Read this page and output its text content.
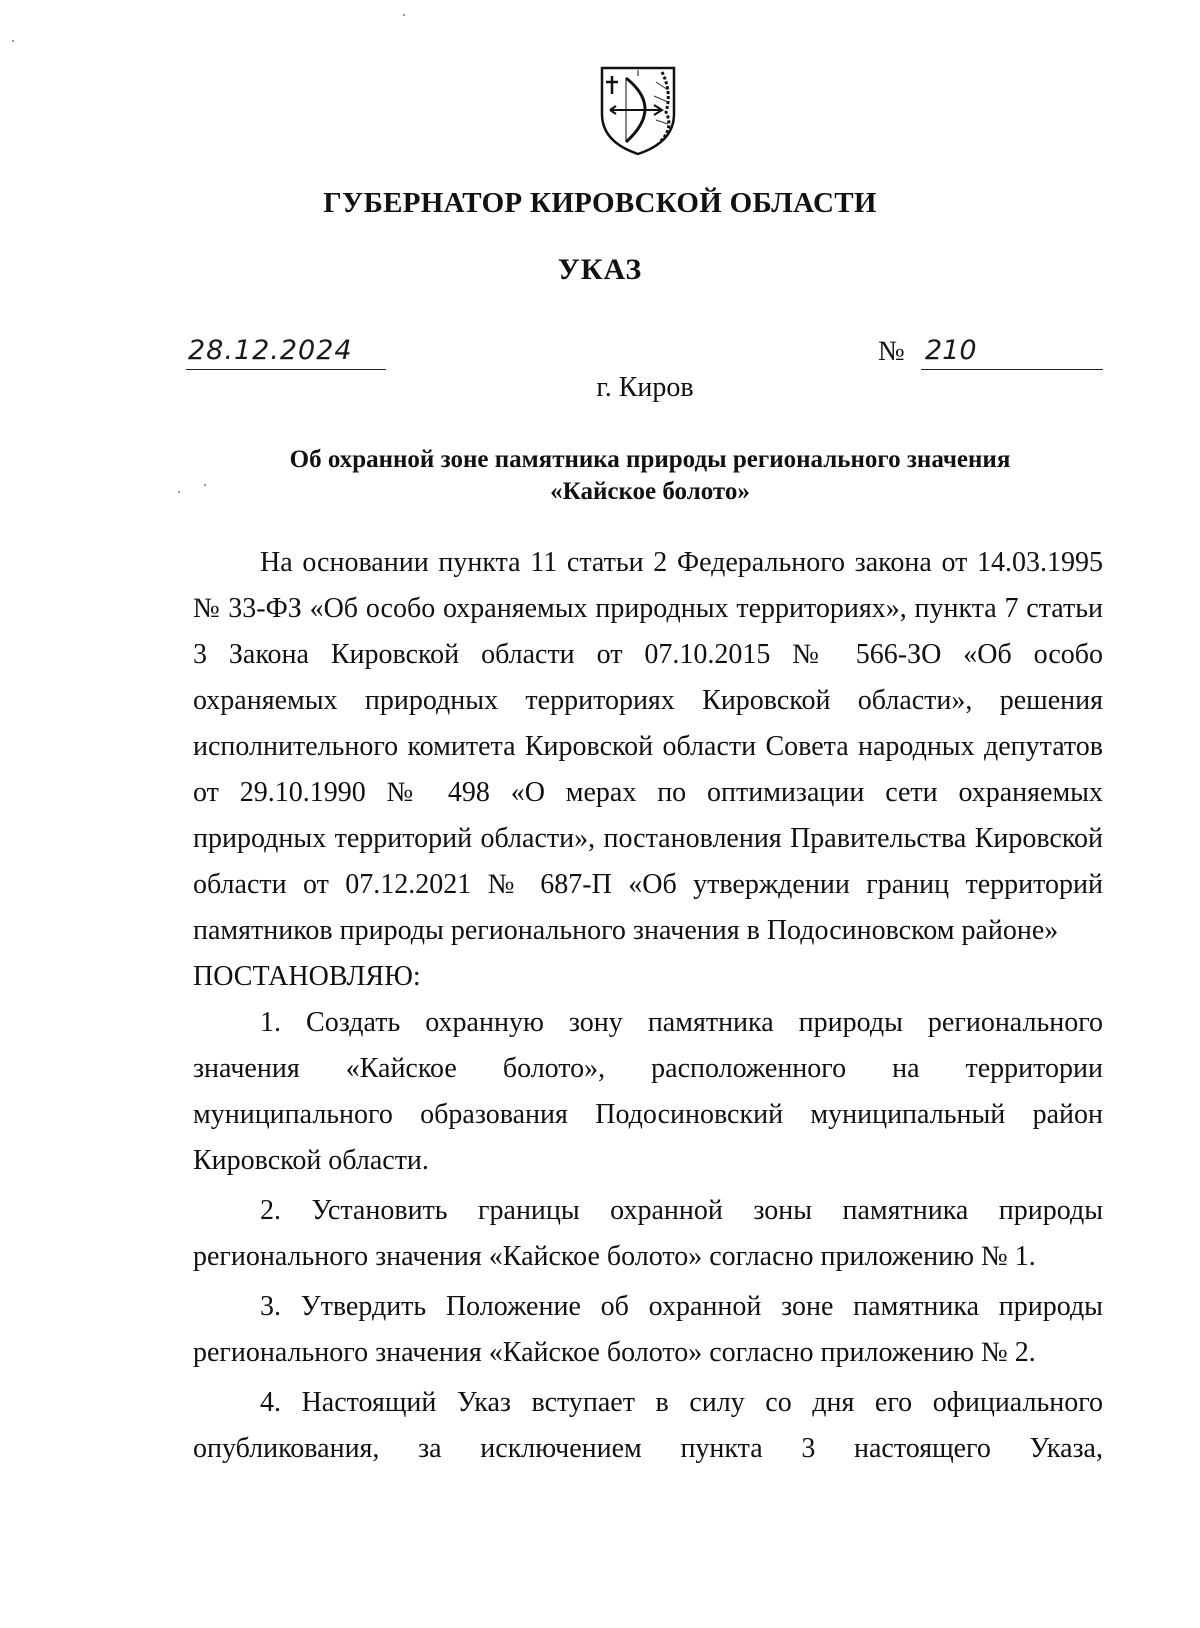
ГУБЕРНАТОР КИРОВСКОЙ ОБЛАСТИ
УКАЗ
28.12.2024	№ 210
г. Киров
Об охранной зоне памятника природы регионального значения
«Кайское болото»

На основании пункта 11 статьи 2 Федерального закона от 14.03.1995 № 33-ФЗ «Об особо охраняемых природных территориях», пункта 7 статьи 3 Закона Кировской области от 07.10.2015 № 566-ЗО «Об особо охраняемых природных территориях Кировской области», решения исполнительного комитета Кировской области Совета народных депутатов от 29.10.1990 № 498 «О мерах по оптимизации сети охраняемых природных территорий области», постановления Правительства Кировской области от 07.12.2021 № 687-П «Об утверждении границ территорий памятников природы регионального значения в Подосиновском районе»

ПОСТАНОВЛЯЮ:

1. Создать охранную зону памятника природы регионального значения «Кайское болото», расположенного на территории муниципального образования Подосиновский муниципальный район Кировской области.

2. Установить границы охранной зоны памятника природы регионального значения «Кайское болото» согласно приложению № 1.

3. Утвердить Положение об охранной зоне памятника природы регионального значения «Кайское болото» согласно приложению № 2.

4. Настоящий Указ вступает в силу со дня его официального опубликования, за исключением пункта 3 настоящего Указа,
